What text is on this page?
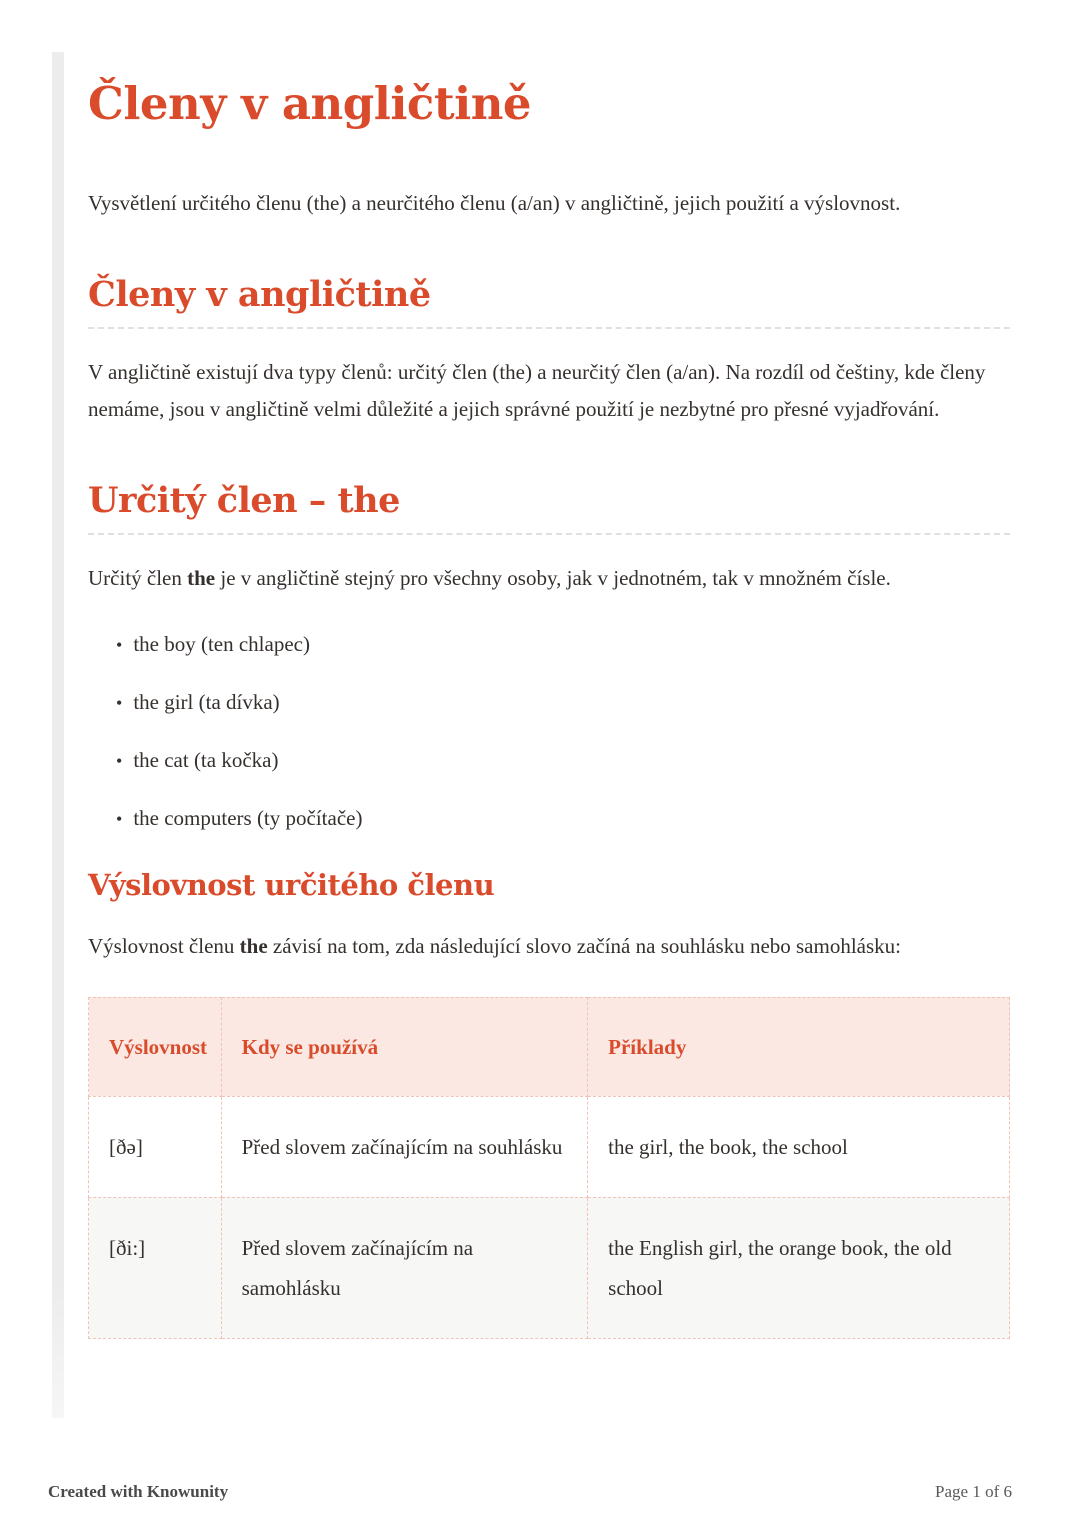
Členy v angličtině

Vysvětlení určitého členu (the) a neurčitého členu (a/an) v angličtině, jejich použití a výslovnost.

Členy v angličtině

V angličtině existují dva typy členů: určitý člen (the) a neurčitý člen (a/an). Na rozdíl od češtiny, kde členy nemáme, jsou v angličtině velmi důležité a jejich správné použití je nezbytné pro přesné vyjadřování.

Určitý člen – the

Určitý člen the je v angličtině stejný pro všechny osoby, jak v jednotném, tak v množném čísle.

• the boy (ten chlapec)
• the girl (ta dívka)
• the cat (ta kočka)
• the computers (ty počítače)
Výslovnost určitého členu

Výslovnost členu the závisí na tom, zda následující slovo začíná na souhlásku nebo samohlásku:

Výslovnost	Kdy se používá	Příklady
[ðə]	Před slovem začínajícím na souhlásku	the girl, the book, the school
[ði:]	Před slovem začínajícím na samohlásku	the English girl, the orange book, the old school
Created with Knowunity	Page 1 of 6
